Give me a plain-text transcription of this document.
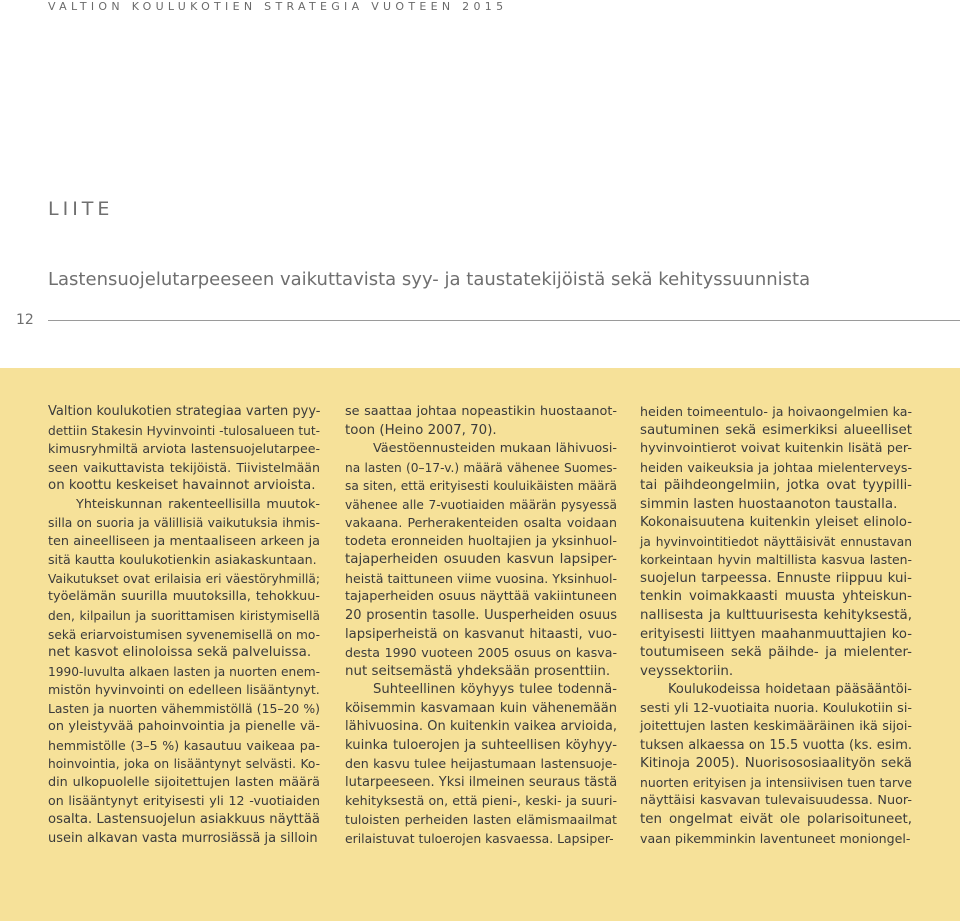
VALTION KOULUKOTIEN STRATEGIA VUOTEEN 2015
LIITE
Lastensuojelutarpeeseen vaikuttavista syy- ja taustatekijöistä sekä kehityssuunnista
12
Valtion koulukotien strategiaa varten pyy-
dettiin Stakesin Hyvinvointi -tulosalueen tut-
kimusryhmiltä arviota lastensuojelutarpee-
seen vaikuttavista tekijöistä. Tiivistelmään
on koottu keskeiset havainnot arvioista.
Yhteiskunnan rakenteellisilla muutok-
silla on suoria ja välillisiä vaikutuksia ihmis-
ten aineelliseen ja mentaaliseen arkeen ja
sitä kautta koulukotienkin asiakaskuntaan.
Vaikutukset ovat erilaisia eri väestöryhmillä;
työelämän suurilla muutoksilla, tehokkuu-
den, kilpailun ja suorittamisen kiristymisellä
sekä eriarvoistumisen syvenemisellä on mo-
net kasvot elinoloissa sekä palveluissa.
1990-luvulta alkaen lasten ja nuorten enem-
mistön hyvinvointi on edelleen lisääntynyt.
Lasten ja nuorten vähemmistöllä (15–20 %)
on yleistyvää pahoinvointia ja pienelle vä-
hemmistölle (3–5 %) kasautuu vaikeaa pa-
hoinvointia, joka on lisääntynyt selvästi. Ko-
din ulkopuolelle sijoitettujen lasten määrä
on lisääntynyt erityisesti yli 12 -vuotiaiden
osalta. Lastensuojelun asiakkuus näyttää
usein alkavan vasta murrosiässä ja silloin
se saattaa johtaa nopeastikin huostaanot-
toon (Heino 2007, 70).
Väestöennusteiden mukaan lähivuosi-
na lasten (0–17-v.) määrä vähenee Suomes-
sa siten, että erityisesti kouluikäisten määrä
vähenee alle 7-vuotiaiden määrän pysyessä
vakaana. Perherakenteiden osalta voidaan
todeta eronneiden huoltajien ja yksinhuol-
tajaperheiden osuuden kasvun lapsiper-
heistä taittuneen viime vuosina. Yksinhuol-
tajaperheiden osuus näyttää vakiintuneen
20 prosentin tasolle. Uusperheiden osuus
lapsiperheistä on kasvanut hitaasti, vuo-
desta 1990 vuoteen 2005 osuus on kasva-
nut seitsemästä yhdeksään prosenttiin.
Suhteellinen köyhyys tulee todennä-
köisemmin kasvamaan kuin vähenemään
lähivuosina. On kuitenkin vaikea arvioida,
kuinka tuloerojen ja suhteellisen köyhyy-
den kasvu tulee heijastumaan lastensuoje-
lutarpeeseen. Yksi ilmeinen seuraus tästä
kehityksestä on, että pieni-, keski- ja suuri-
tuloisten perheiden lasten elämismaailmat
erilaistuvat tuloerojen kasvaessa. Lapsiper-
heiden toimeentulo- ja hoivaongelmien ka-
sautuminen sekä esimerkiksi alueelliset
hyvinvointierot voivat kuitenkin lisätä per-
heiden vaikeuksia ja johtaa mielenterveys-
tai päihdeongelmiin, jotka ovat tyypilli-
simmin lasten huostaanoton taustalla.
Kokonaisuutena kuitenkin yleiset elinolo-
ja hyvinvointitiedot näyttäisivät ennustavan
korkeintaan hyvin maltillista kasvua lasten-
suojelun tarpeessa. Ennuste riippuu kui-
tenkin voimakkaasti muusta yhteiskun-
nallisesta ja kulttuurisesta kehityksestä,
erityisesti liittyen maahanmuuttajien ko-
toutumiseen sekä päihde- ja mielenter-
veyssektoriin.
Koulukodeissa hoidetaan pääsääntöi-
sesti yli 12-vuotiaita nuoria. Koulukotiin si-
joitettujen lasten keskimääräinen ikä sijoi-
tuksen alkaessa on 15.5 vuotta (ks. esim.
Kitinoja 2005). Nuorisososiaalityön sekä
nuorten erityisen ja intensiivisen tuen tarve
näyttäisi kasvavan tulevaisuudessa. Nuor-
ten ongelmat eivät ole polarisoituneet,
vaan pikemminkin laventuneet moniongel-
